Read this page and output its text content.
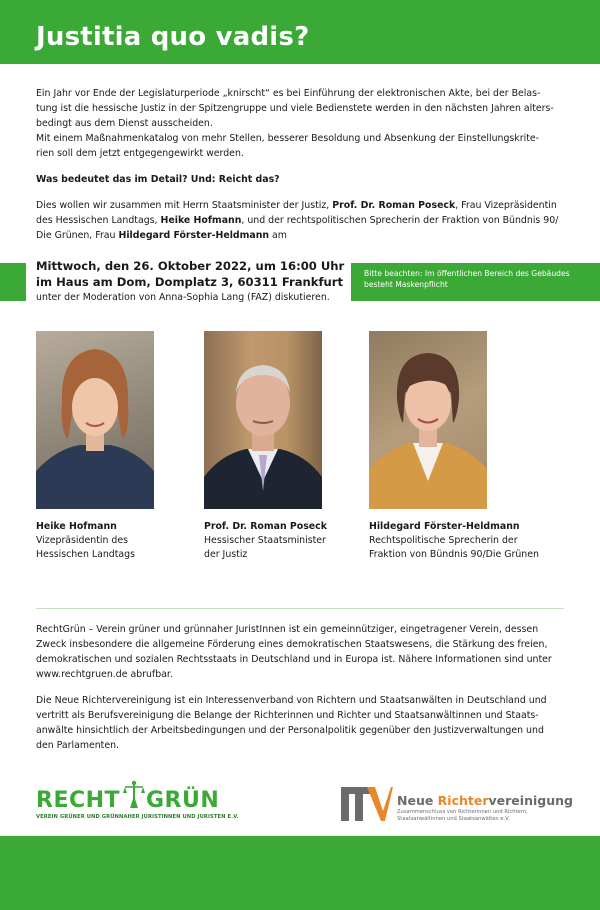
Justitia quo vadis?

Ein Jahr vor Ende der Legislaturperiode „knirscht“ es bei Einführung der elektronischen Akte, bei der Belas-
tung ist die hessische Justiz in der Spitzengruppe und viele Bedienstete werden in den nächsten Jahren alters-
bedingt aus dem Dienst ausscheiden.
Mit einem Maßnahmenkatalog von mehr Stellen, besserer Besoldung und Absenkung der Einstellungskrite-
rien soll dem jetzt entgegengewirkt werden.

Was bedeutet das im Detail? Und: Reicht das?

Dies wollen wir zusammen mit Herrn Staatsminister der Justiz, Prof. Dr. Roman Poseck, Frau Vizepräsidentin
des Hessischen Landtags, Heike Hofmann, und der rechtspolitischen Sprecherin der Fraktion von Bündnis 90/
Die Grünen, Frau Hildegard Förster-Heldmann am

Mittwoch, den 26. Oktober 2022, um 16:00 Uhr
im Haus am Dom, Domplatz 3, 60311 Frankfurt
unter der Moderation von Anna-Sophia Lang (FAZ) diskutieren.
Bitte beachten: Im öffentlichen Bereich des Gebäudes
besteht Maskenpflicht
Heike Hofmann
Vizepräsidentin des
Hessischen Landtags
Prof. Dr. Roman Poseck
Hessischer Staatsminister
der Justiz
Hildegard Förster-Heldmann
Rechtspolitische Sprecherin der
Fraktion von Bündnis 90/Die Grünen

RechtGrün – Verein grüner und grünnaher JuristInnen ist ein gemeinnütziger, eingetragener Verein, dessen
Zweck insbesondere die allgemeine Förderung eines demokratischen Staatswesens, die Stärkung des freien,
demokratischen und sozialen Rechtsstaats in Deutschland und in Europa ist. Nähere Informationen sind unter
www.rechtgruen.de abrufbar.

Die Neue Richtervereinigung ist ein Interessenverband von Richtern und Staatsanwälten in Deutschland und
vertritt als Berufsvereinigung die Belange der Richterinnen und Richter und Staatsanwältinnen und Staats-
anwälte hinsichtlich der Arbeitsbedingungen und der Personalpolitik gegenüber den Justizverwaltungen und
den Parlamenten.

RECHT GRÜN
VEREIN GRÜNER UND GRÜNNAHER JURISTINNEN UND JURISTEN E.V.
Neue Richtervereinigung
Zusammenschluss von Richterinnen und Richtern,
Staatsanwältinnen und Staatsanwälten e.V.
